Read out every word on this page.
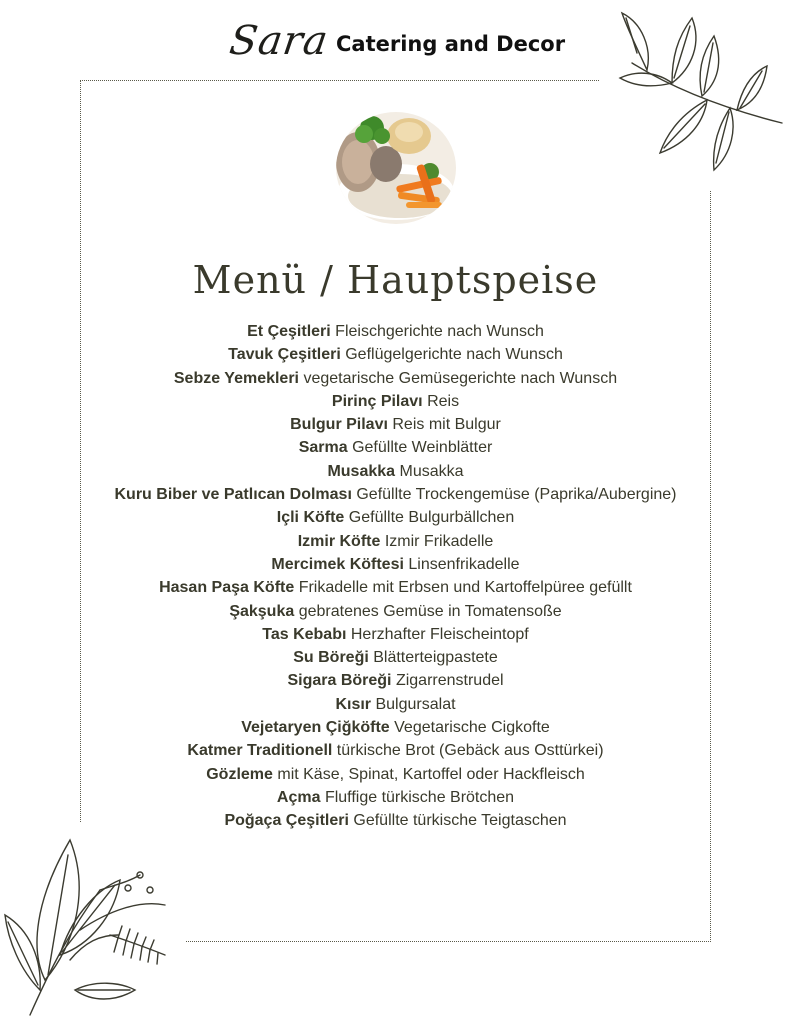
Sara Catering and Decor
Menü / Hauptspeise
Et Çeşitleri Fleischgerichte nach Wunsch
Tavuk Çeşitleri Geflügelgerichte nach Wunsch
Sebze Yemekleri vegetarische Gemüsegerichte nach Wunsch
Pirinç Pilavı Reis
Bulgur Pilavı Reis mit Bulgur
Sarma Gefüllte Weinblätter
Musakka Musakka
Kuru Biber ve Patlıcan Dolması Gefüllte Trockengemüse (Paprika/Aubergine)
Içli Köfte Gefüllte Bulgurbällchen
Izmir Köfte Izmir Frikadelle
Mercimek Köftesi Linsenfrikadelle
Hasan Paşa Köfte Frikadelle mit Erbsen und Kartoffelpüree gefüllt
Şakşuka gebratenes Gemüse in Tomatensoße
Tas Kebabı Herzhafter Fleischeintopf
Su Böreği Blätterteigpastete
Sigara Böreği Zigarrenstrudel
Kısır Bulgursalat
Vejetaryen Çiğköfte Vegetarische Cigkofte
Katmer Traditionell türkische Brot (Gebäck aus Osttürkei)
Gözleme mit Käse, Spinat, Kartoffel oder Hackfleisch
Açma Fluffige türkische Brötchen
Poğaça Çeşitleri Gefüllte türkische Teigtaschen
